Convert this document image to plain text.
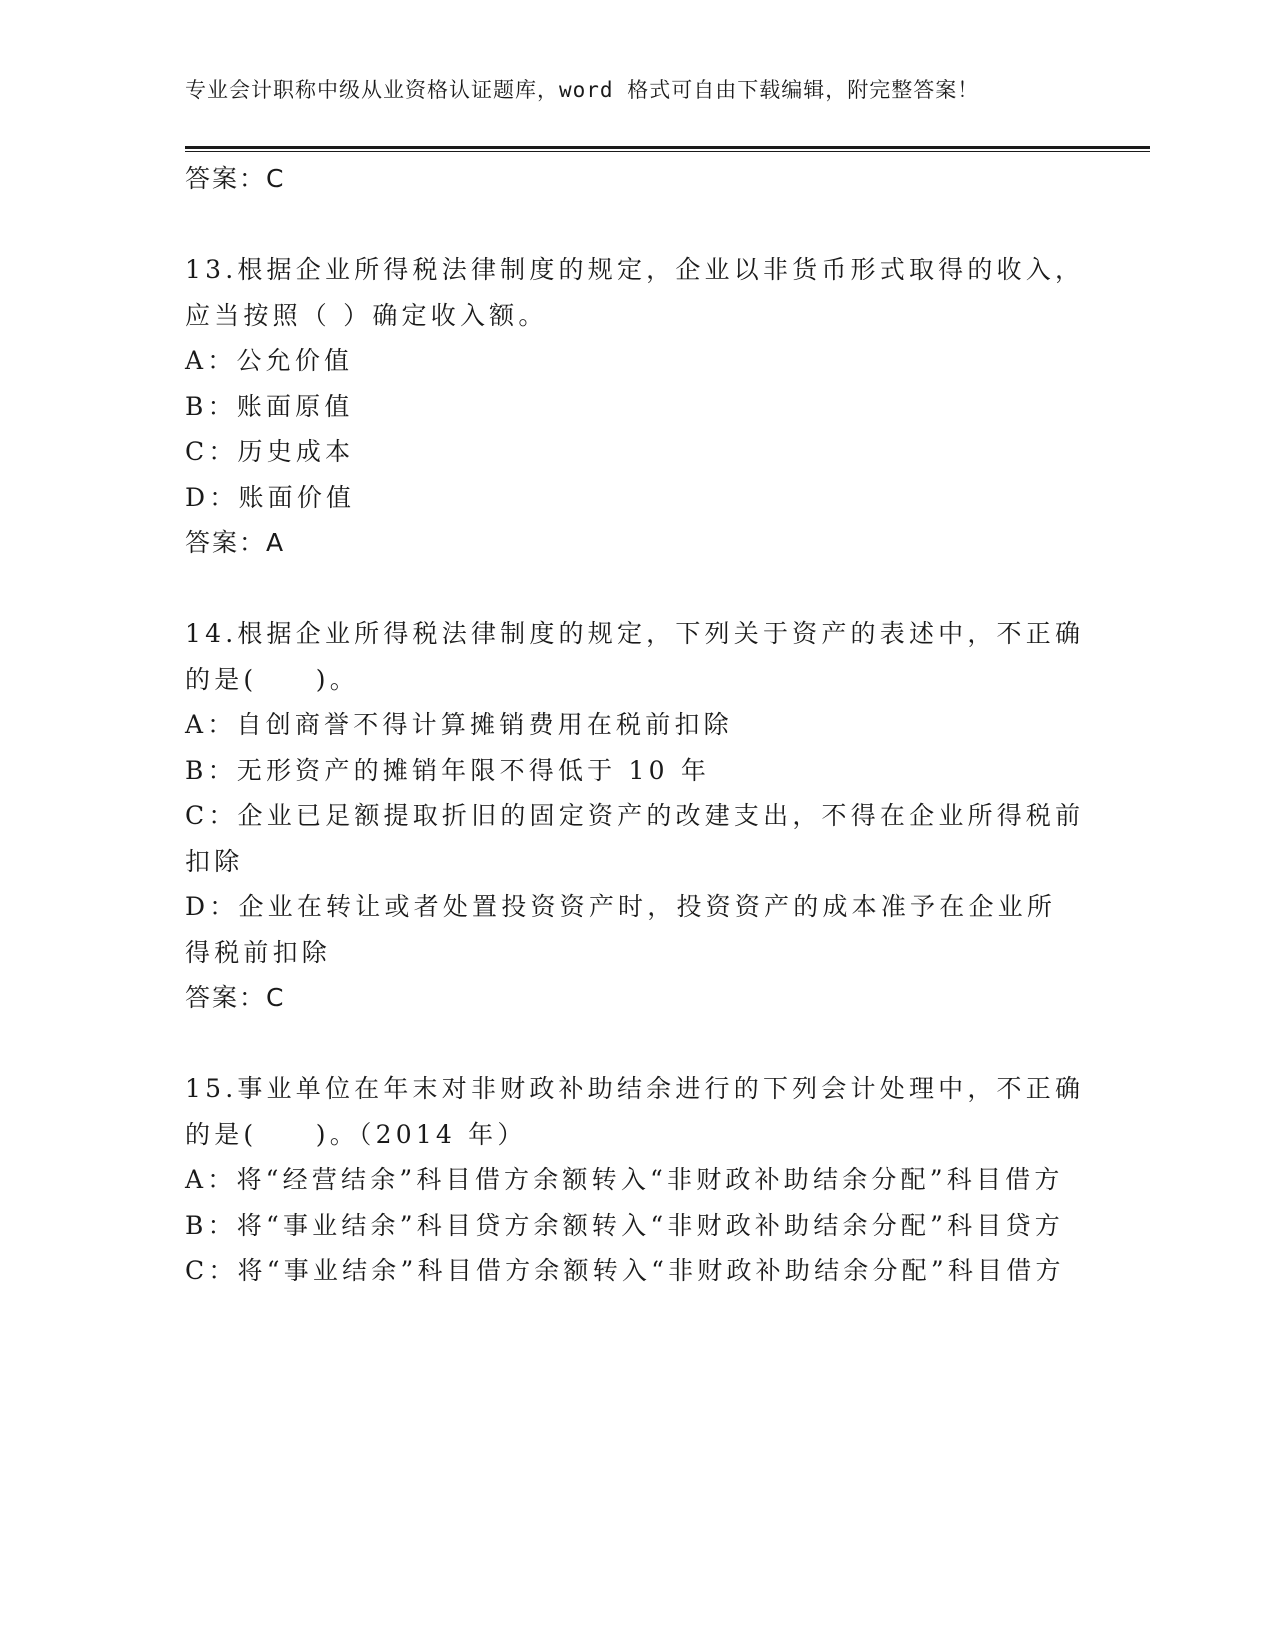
专业会计职称中级从业资格认证题库，word 格式可自由下载编辑，附完整答案！

答案：C

13.根据企业所得税法律制度的规定，企业以非货币形式取得的收入，应当按照（ ）确定收入额。

A：公允价值

B：账面原值

C：历史成本

D：账面价值

答案：A

14.根据企业所得税法律制度的规定，下列关于资产的表述中，不正确的是(　　)。

A：自创商誉不得计算摊销费用在税前扣除

B：无形资产的摊销年限不得低于 10 年

C：企业已足额提取折旧的固定资产的改建支出，不得在企业所得税前扣除

D：企业在转让或者处置投资资产时，投资资产的成本准予在企业所得税前扣除

答案：C

15.事业单位在年末对非财政补助结余进行的下列会计处理中，不正确的是(　　)。（2014 年）

A：将“经营结余”科目借方余额转入“非财政补助结余分配”科目借方

B：将“事业结余”科目贷方余额转入“非财政补助结余分配”科目贷方

C：将“事业结余”科目借方余额转入“非财政补助结余分配”科目借方
